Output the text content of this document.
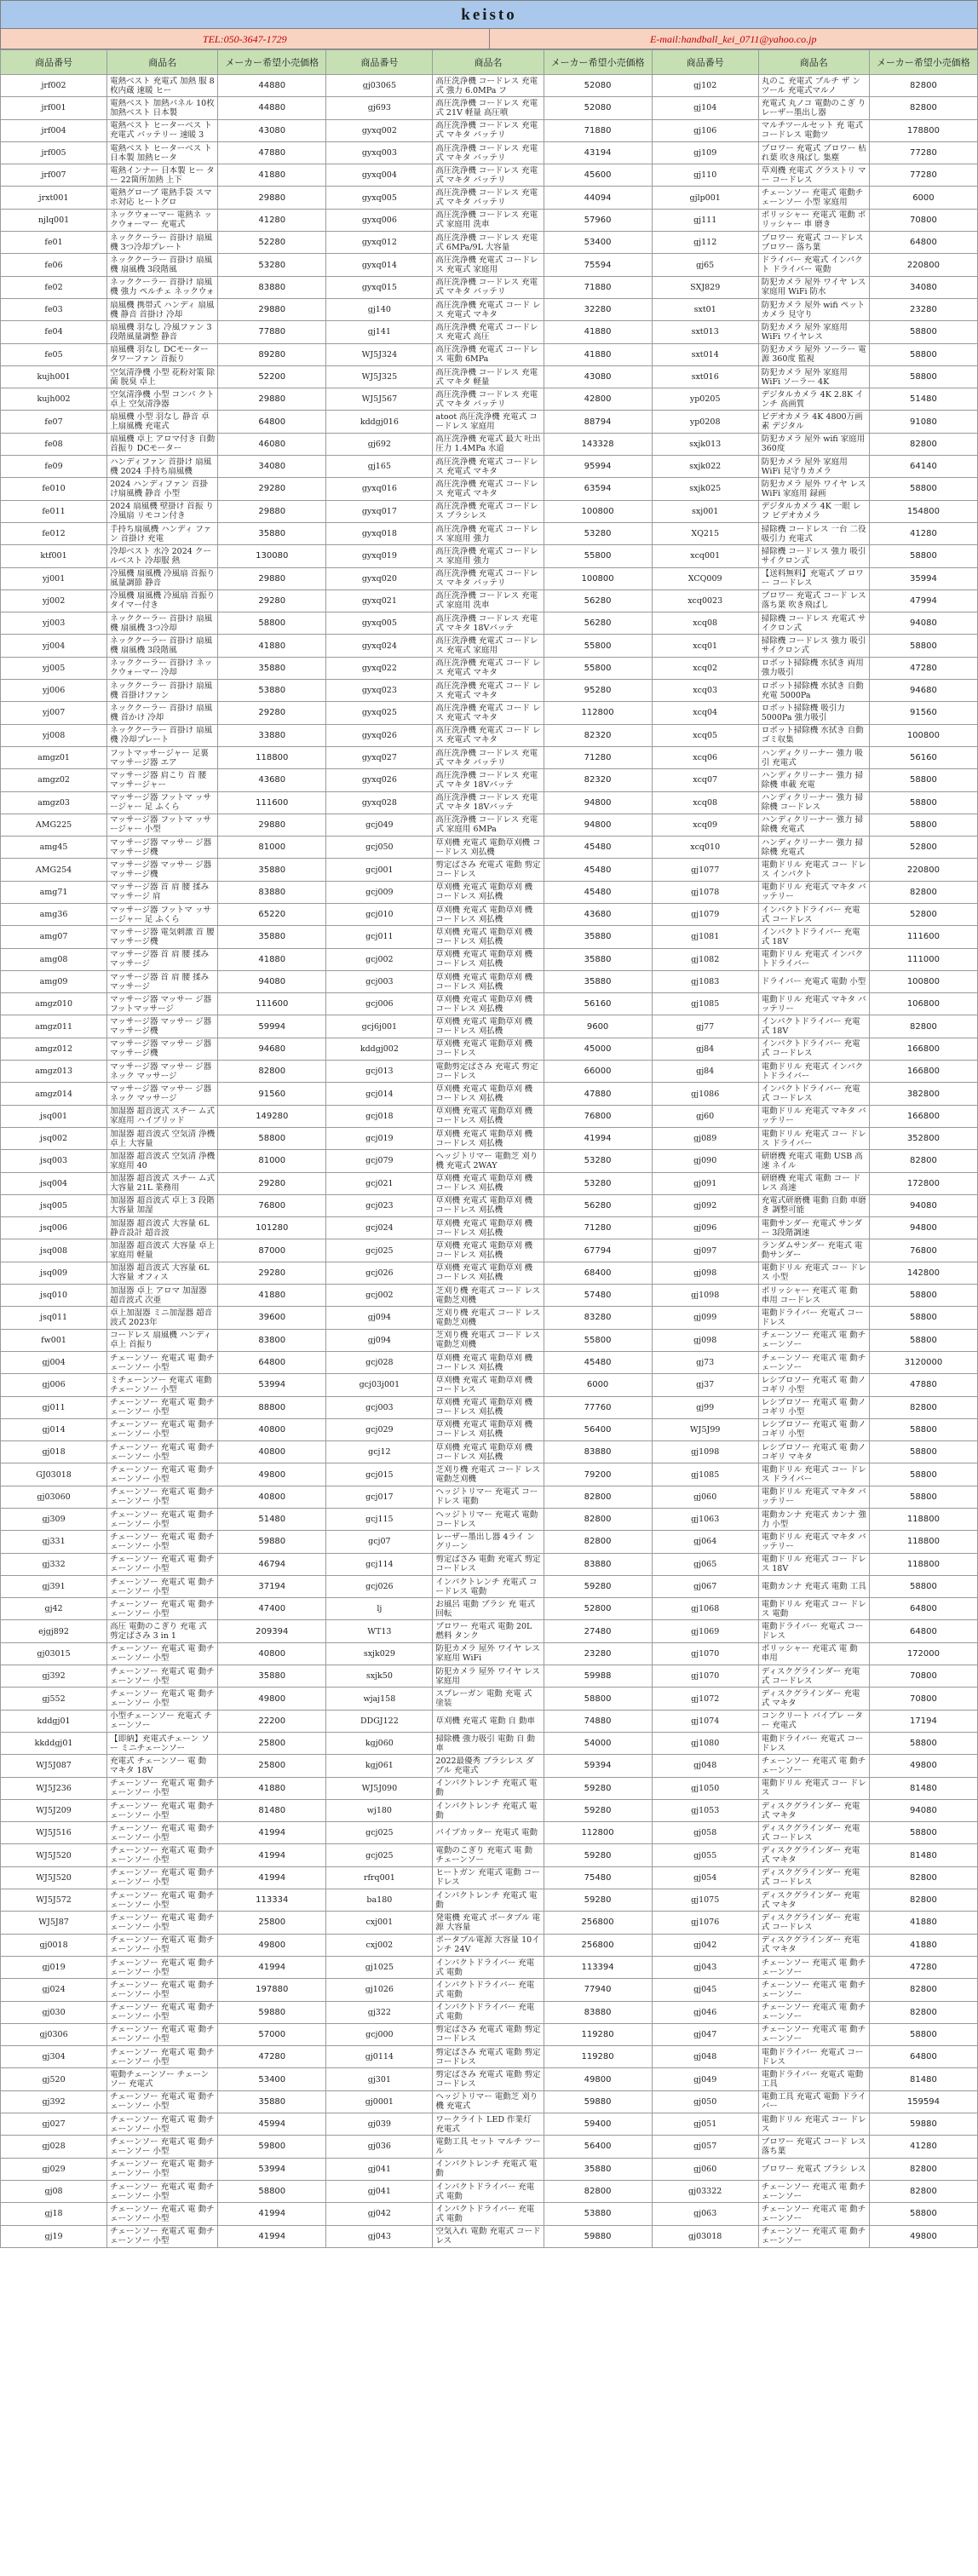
keisto
TEL:050-3647-1729	E-mail:handball_kei_0711@yahoo.co.jp
商品番号	商品名	メーカー希望小売価格	商品番号	商品名	メーカー希望小売価格	商品番号	商品名	メーカー希望小売価格
jrf002	電熱ベスト 充電式 加熱 服 8枚内蔵 速暖 ヒー	44880	gj03065	高圧洗浄機 コードレス 充電式 強力 6.0MPa フ	52080	gj102	丸のこ 充電式 ブルチ ザ ンツール 充電式マルノ	82800
jrf001	電熱ベスト 加熱パネル 10枚 加熱ベスト 日本製	44880	gj693	高圧洗浄機 コードレス 充電式 21V 軽量 高圧噴	52080	gj104	充電式 丸ノコ 電動のこぎ り レーザー墨出し器	82800
jrf004	電熱ベスト ヒーターベス ト 充電式 バッテリー 速暖 3	43080	gyxq002	高圧洗浄機 コードレス 充電式 マキタ バッテリ	71880	gj106	マルチツールセット 充 電式 コードレス 電動ツ	178800
jrf005	電熱ベスト ヒーターベス ト 日本製 加熱ヒータ	47880	gyxq003	高圧洗浄機 コードレス 充電式 マキタ バッテリ	43194	gj109	ブロワー 充電式 ブロワー 枯 れ葉 吹き飛ばし 集塵	77280
jrf007	電熱インナー 日本製 ヒー ター 22箇所加熱 上下	41880	gyxq004	高圧洗浄機 コードレス 充電式 マキタ バッテリ	45600	gj110	草刈機 充電式 グラストリ マー コードレス	77280
jrxt001	電熱グローブ 電熱手袋 スマホ対応 ヒートグロ	29880	gyxq005	高圧洗浄機 コードレス 充電式 マキタ バッテリ	44094	gjlp001	チェーンソー 充電式 電動チ ェーンソー 小型 家庭用	6000
njlq001	ネックウォーマー 電熱ネ ックウォーマー 充電式	41280	gyxq006	高圧洗浄機 コードレス 充電式 家庭用 洗車	57960	gj111	ポリッシャー 充電式 電動 ポリッシャー 車 磨き	70800
fe01	ネッククーラー 首掛け 扇風機 3つ冷却プレート	52280	gyxq012	高圧洗浄機 コードレス 充電式 6MPa/9L 大容量	53400	gj112	ブロワー 充電式 コードレス ブロワー 落ち葉	64800
fe06	ネッククーラー 首掛け 扇風機 扇風機 3段階風	53280	gyxq014	高圧洗浄機 充電式 コードレス 充電式 家庭用	75594	gj65	ドライバー 充電式 インパクト ドライバー 電動	220800
fe02	ネッククーラー 首掛け 扇風機 強力 ペルチェ ネックウォ	83880	gyxq015	高圧洗浄機 コードレス 充電式 マキタ バッテリ	71880	SXJ829	防犯カメラ 屋外 ワイヤ レス 家庭用 WiFi 防水	34080
fe03	扇風機 携帯式 ハンディ 扇風機 静音 首掛け 冷却	29880	gj140	高圧洗浄機 充電式 コード レス 充電式 マキタ	32280	sxt01	防犯カメラ 屋外 wifi ペットカメラ 見守り	23280
fe04	扇風機 羽なし 冷風ファン 3段階風量調整 静音	77880	gj141	高圧洗浄機 充電式 コードレス 充電式 高圧	41880	sxt013	防犯カメラ 屋外 家庭用 WiFi ワイヤレス	58800
fe05	扇風機 羽なし DCモーター タワーファン 首振り	89280	WJ5J324	高圧洗浄機 充電式 コードレス 電動 6MPa	41880	sxt014	防犯カメラ 屋外 ソーラー 電源 360度 監視	58800
kujh001	空気清浄機 小型 花粉対策 除菌 脱臭 卓上	52200	WJ5J325	高圧洗浄機 コードレス 充電式 マキタ 軽量	43080	sxt016	防犯カメラ 屋外 家庭用 WiFi ソーラー 4K	58800
kujh002	空気清浄機 小型 コンパ クト 卓上 空気清浄器	29880	WJ5J567	高圧洗浄機 コードレス 充電式 マキタ バッテリ	42800	yp0205	デジタルカメラ 4K 2.8K インチ 高画質	51480
fe07	扇風機 小型 羽なし 静音 卓上扇風機 充電式	64800	kddgj016	atoot 高圧洗浄機 充電式 コードレス 家庭用	88794	yp0208	ビデオカメラ 4K 4800万画素 デジタル	91080
fe08	扇風機 卓上 アロマ付き 自動首振り DCモーター	46080	gj692	高圧洗浄機 充電式 最大 吐出圧力 1.4MPa 水道	143328	sxjk013	防犯カメラ 屋外 wifi 家庭用 360度	82800
fe09	ハンディファン 首掛け 扇風機 2024 手持ち扇風機	34080	gj165	高圧洗浄機 充電式 コードレス 充電式 マキタ	95994	sxjk022	防犯カメラ 屋外 家庭用 WiFi 見守りカメラ	64140
fe010	2024 ハンディファン 首掛け扇風機 静音 小型	29280	gyxq016	高圧洗浄機 充電式 コードレス 充電式 マキタ	63594	sxjk025	防犯カメラ 屋外 ワイヤ レス WiFi 家庭用 録画	58800
fe011	2024 扇風機 壁掛け 首振 り 冷風扇 リモコン付き	29880	gyxq017	高圧洗浄機 充電式 コードレス ブラシレス	100800	sxj001	デジタルカメラ 4K 一眼 レフ ビデオカメラ	154800
fe012	手持ち扇風機 ハンディ ファン 首掛け 充電	35880	gyxq018	高圧洗浄機 充電式 コードレス 家庭用 強力	53280	XQ215	掃除機 コードレス 一台 二役 吸引力 充電式	41280
ktf001	冷却ベスト 水冷 2024 クールベスト 冷却服 熱	130080	gyxq019	高圧洗浄機 充電式 コードレス 家庭用 強力	55800	xcq001	掃除機 コードレス 強力 吸引 サイクロン式	58800
yj001	冷風機 扇風機 冷風扇 首振り 風量調節 静音	29880	gyxq020	高圧洗浄機 充電式 コードレス マキタ バッテリ	100800	XCQ009	【送料無料】充電式 ブ ロワー コードレス	35994
yj002	冷風機 扇風機 冷風扇 首振り タイマー付き	29280	gyxq021	高圧洗浄機 コードレス 充電式 家庭用 洗車	56280	xcq0023	ブロワー 充電式 コード レス 落ち葉 吹き飛ばし	47994
yj003	ネッククーラー 首掛け 扇風機 扇風機 3つ冷却	58800	gyxq005	高圧洗浄機 コードレス 充電式 マキタ 18Vバッテ	56280	xcq08	掃除機 コードレス 充電式 サイクロン式	94080
yj004	ネッククーラー 首掛け 扇風機 扇風機 3段階風	41880	gyxq024	高圧洗浄機 充電式 コードレス 充電式 家庭用	55800	xcq01	掃除機 コードレス 強力 吸引 サイクロン式	58800
yj005	ネッククーラー 首掛け ネックウォーマー 冷却	35880	gyxq022	高圧洗浄機 充電式 コード レス 充電式 マキタ	55800	xcq02	ロボット掃除機 水拭き 両用 強力吸引	47280
yj006	ネッククーラー 首掛け 扇風機 首掛けファン	53880	gyxq023	高圧洗浄機 充電式 コード レス 充電式 マキタ	95280	xcq03	ロボット掃除機 水拭き 自動充電 5000Pa	94680
yj007	ネッククーラー 首掛け 扇風機 首かけ 冷却	29280	gyxq025	高圧洗浄機 充電式 コード レス 充電式 マキタ	112800	xcq04	ロボット掃除機 吸引力 5000Pa 強力吸引	91560
yj008	ネッククーラー 首掛け 扇風機 冷却プレート	33880	gyxq026	高圧洗浄機 充電式 コード レス 充電式 マキタ	82320	xcq05	ロボット掃除機 水拭き 自動ゴミ収集	100800
amgz01	フットマッサージャー 足裏 マッサージ器 エア	118800	gyxq027	高圧洗浄機 コードレス 充電式 マキタ バッテリ	71280	xcq06	ハンディクリーナー 強力 吸引 充電式	56160
amgz02	マッサージ器 肩こり 首 腰 マッサージャー	43680	gyxq026	高圧洗浄機 コードレス 充電式 マキタ 18Vバッテ	82320	xcq07	ハンディクリーナー 強力 掃除機 車載 充電	58800
amgz03	マッサージ器 フットマ ッサージャー 足 ふくら	111600	gyxq028	高圧洗浄機 コードレス 充電式 マキタ 18Vバッテ	94800	xcq08	ハンディクリーナー 強力 掃除機 コードレス	58800
AMG225	マッサージ器 フットマ ッサージャー 小型	29880	gcj049	高圧洗浄機 コードレス 充電式 家庭用 6MPa	94800	xcq09	ハンディクリーナー 強力 掃除機 充電式	58800
amg45	マッサージ器 マッサー ジ器 マッサージ機	81000	gcj050	草刈機 充電式 電動草刈機 コードレス 刈払機	45480	xcq010	ハンディクリーナー 強力 掃除機 充電式	52800
AMG254	マッサージ器 マッサー ジ器 マッサージ機	35880	gcj001	剪定ばさみ 充電式 電動 剪定 コードレス	45480	gj1077	電動ドリル 充電式 コー ドレス インパクト	220800
amg71	マッサージ器 首 肩 腰 揉み マッサージ 肩	83880	gcj009	草刈機 充電式 電動草刈 機 コードレス 刈払機	45480	gj1078	電動ドリル 充電式 マキタ バッテリー	82800
amg36	マッサージ器 フットマ ッサージャー 足 ふくら	65220	gcj010	草刈機 充電式 電動草刈 機 コードレス 刈払機	43680	gj1079	インパクトドライバー 充電式 コードレス	52800
amg07	マッサージ器 電気刺激 首 腰 マッサージ機	35880	gcj011	草刈機 充電式 電動草刈 機 コードレス 刈払機	35880	gj1081	インパクトドライバー 充電式 18V	111600
amg08	マッサージ器 首 肩 腰 揉み マッサージ	41880	gcj002	草刈機 充電式 電動草刈 機 コードレス 刈払機	35880	gj1082	電動ドリル 充電式 インパクトドライバー	111000
amg09	マッサージ器 首 肩 腰 揉み マッサージ	94080	gcj003	草刈機 充電式 電動草刈 機 コードレス 刈払機	35880	gj1083	ドライバー 充電式 電動 小型	100800
amgz010	マッサージ器 マッサー ジ器 フットマッサージ	111600	gcj006	草刈機 充電式 電動草刈 機 コードレス 刈払機	56160	gj1085	電動ドリル 充電式 マキタ バッテリー	106800
amgz011	マッサージ器 マッサー ジ器 マッサージ機	59994	gcj6j001	草刈機 充電式 電動草刈 機 コードレス 刈払機	9600	gj77	インパクトドライバー 充電式 18V	82800
amgz012	マッサージ器 マッサー ジ器 マッサージ機	94680	kddgj002	草刈機 充電式 電動草刈 機 コードレス	45000	gj84	インパクトドライバー 充電式 コードレス	166800
amgz013	マッサージ器 マッサー ジ器 ネック マッサージ	82800	gcj013	電動剪定ばさみ 充電式 剪定 コードレス	66000	gj84	電動ドリル 充電式 インパクトドライバー	166800
amgz014	マッサージ器 マッサー ジ器 ネック マッサージ	91560	gcj014	草刈機 充電式 電動草刈 機 コードレス 刈払機	47880	gj1086	インパクトドライバー 充電式 コードレス	382800
jsq001	加湿器 超音波式 スチー ム式 家庭用 ハイブリッド	149280	gcj018	草刈機 充電式 電動草刈 機 コードレス 刈払機	76800	gj60	電動ドリル 充電式 マキタ バッテリー	166800
jsq002	加湿器 超音波式 空気清 浄機 卓上 大容量	58800	gcj019	草刈機 充電式 電動草刈 機 コードレス 刈払機	41994	gj089	電動ドリル 充電式 コー ドレス ドライバー	352800
jsq003	加湿器 超音波式 空気清 浄機 家庭用 40	81000	gcj079	ヘッジトリマー 電動芝 刈り機 充電式 2WAY	53280	gj090	研磨機 充電式 電動 USB 高速 ネイル	82800
jsq004	加湿器 超音波式 スチー ム式 大容量 21L 業務用	29280	gcj021	草刈機 充電式 電動草刈 機 コードレス 刈払機	53280	gj091	研磨機 充電式 電動 コー ドレス 高速	172800
jsq005	加湿器 超音波式 卓上 3 段階 大容量 加湿	76800	gcj023	草刈機 充電式 電動草刈 機 コードレス 刈払機	56280	gj092	充電式研磨機 電動 自動 車磨き 調整可能	94080
jsq006	加湿器 超音波式 大容量 6L 静音設計 超音波	101280	gcj024	草刈機 充電式 電動草刈 機 コードレス 刈払機	71280	gj096	電動サンダー 充電式 サンダー 3段階調速	94800
jsq008	加湿器 超音波式 大容量 卓上 家庭用 軽量	87000	gcj025	草刈機 充電式 電動草刈 機 コードレス 刈払機	67794	gj097	ランダムサンダー 充電式 電動サンダー	76800
jsq009	加湿器 超音波式 大容量 6L 大容量 オフィス	29280	gcj026	草刈機 充電式 電動草刈 機 コードレス 刈払機	68400	gj098	電動ドリル 充電式 コー ドレス 小型	142800
jsq010	加湿器 卓上 アロマ 加湿器 超音波式 次亜	41880	gcj002	芝刈り機 充電式 コード レス 電動芝刈機	57480	gj1098	ポリッシャー 充電式 電 動 車用 コードレス	58800
jsq011	卓上加湿器 ミニ加湿器 超音波式 2023年	39600	gj094	芝刈り機 充電式 コード レス 電動芝刈機	83280	gj099	電動ドライバー 充電式 コードレス	58800
fw001	コードレス 扇風機 ハンディ 卓上 首振り	83800	gj094	芝刈り機 充電式 コード レス 電動芝刈機	55800	gj098	チェーンソー 充電式 電 動チェーンソー	58800
gj004	チェーンソー 充電式 電 動チェーンソー 小型	64800	gcj028	草刈機 充電式 電動草刈 機 コードレス 刈払機	45480	gj73	チェーンソー 充電式 電 動チェーンソー	3120000
gj006	ミチェーンソー 充電式 電動チェーンソー 小型	53994	gcj03j001	草刈機 充電式 電動草刈 機 コードレス	6000	gj37	レシプロソー 充電式 電 動ノコギリ 小型	47880
gj011	チェーンソー 充電式 電 動チェーンソー 小型	88800	gcj003	草刈機 充電式 電動草刈 機 コードレス 刈払機	77760	gj99	レシプロソー 充電式 電 動ノコギリ 小型	82800
gj014	チェーンソー 充電式 電 動チェーンソー 小型	40800	gcj029	草刈機 充電式 電動草刈 機 コードレス 刈払機	56400	WJ5J99	レシプロソー 充電式 電 動ノコギリ 小型	58800
gj018	チェーンソー 充電式 電 動チェーンソー 小型	40800	gcj12	草刈機 充電式 電動草刈 機 コードレス 刈払機	83880	gj1098	レシプロソー 充電式 電 動ノコギリ マキタ	58800
GJ03018	チェーンソー 充電式 電 動チェーンソー 小型	49800	gcj015	芝刈り機 充電式 コード レス 電動芝刈機	79200	gj1085	電動ドリル 充電式 コー ドレス ドライバー	58800
gj03060	チェーンソー 充電式 電 動チェーンソー 小型	40800	gcj017	ヘッジトリマー 充電式 コードレス 電動	82800	gj060	電動ドリル 充電式 マキタ バッテリー	58800
gj309	チェーンソー 充電式 電 動チェーンソー 小型	51480	gcj115	ヘッジトリマー 充電式 電動 コードレス	82800	gj1063	電動カンナ 充電式 カンナ 強力 小型	118800
gj331	チェーンソー 充電式 電 動チェーンソー 小型	59880	gcj07	レーザー墨出し器 4ライ ン グリーン	82800	gj064	電動ドリル 充電式 マキタ バッテリー	118800
gj332	チェーンソー 充電式 電 動チェーンソー 小型	46794	gcj114	剪定ばさみ 電動 充電式 剪定 コードレス	83880	gj065	電動ドリル 充電式 コー ドレス 18V	118800
gj391	チェーンソー 充電式 電 動チェーンソー 小型	37194	gcj026	インパクトレンチ 充電式 コードレス 電動	59280	gj067	電動カンナ 充電式 電動 工具	58800
gj42	チェーンソー 充電式 電 動チェーンソー 小型	47400	lj	お風呂 電動 ブラシ 充 電式 回転	52800	gj1068	電動ドリル 充電式 コー ドレス 電動	64800
ejgj892	高圧 電動のこぎり 充電 式 剪定ばさみ 3 in 1	209394	WT13	ブロワー 充電式 電動 20L 燃料 タンク	27480	gj1069	電動ドライバー 充電式 コードレス	64800
gj03015	チェーンソー 充電式 電 動チェーンソー 小型	40800	sxjk029	防犯カメラ 屋外 ワイヤ レス 家庭用 WiFi	23280	gj1070	ポリッシャー 充電式 電 動 車用	172000
gj392	チェーンソー 充電式 電 動チェーンソー 小型	35880	sxjk50	防犯カメラ 屋外 ワイヤ レス 家庭用	59988	gj1070	ディスクグラインダー 充電式 コードレス	70800
gj552	チェーンソー 充電式 電 動チェーンソー 小型	49800	wjaj158	スプレーガン 電動 充電 式 塗装	58800	gj1072	ディスクグラインダー 充電式 マキタ	70800
kddgj01	小型チェーンソー 充電式 チェーンソー	22200	DDGJ122	草刈機 充電式 電動 自 動車	74880	gj1074	コンクリート バイブレ ーター 充電式	17194
kkddgj01	【即納】充電式チェーン ソー ミニチェーンソー	25800	kgj060	掃除機 強力吸引 電動 自 動車	54000	gj1080	電動ドライバー 充電式 コードレス	58800
WJ5J087	充電式 チェーンソー 電 動 マキタ 18V	25800	kgj061	2022最優秀 ブラシレス ダブル 充電式	59394	gj048	チェーンソー 充電式 電 動チェーンソー	49800
WJ5J236	チェーンソー 充電式 電 動チェーンソー 小型	41880	WJ5J090	インパクトレンチ 充電式 電動	59280	gj1050	電動ドリル 充電式 コー ドレス	81480
WJ5J209	チェーンソー 充電式 電 動チェーンソー 小型	81480	wj180	インパクトレンチ 充電式 電動	59280	gj1053	ディスクグラインダー 充電式 マキタ	94080
WJ5J516	チェーンソー 充電式 電 動チェーンソー 小型	41994	gcj025	パイプカッター 充電式 電動	112800	gj058	ディスクグラインダー 充電式 コードレス	58800
WJ5J520	チェーンソー 充電式 電 動チェーンソー 小型	41994	gcj025	電動のこぎり 充電式 電 動 チェーンソー	59280	gj055	ディスクグラインダー 充電式 マキタ	81480
WJ5J520	チェーンソー 充電式 電 動チェーンソー 小型	41994	rfrq001	ヒートガン 充電式 電動 コードレス	75480	gj054	ディスクグラインダー 充電式 コードレス	82800
WJ5J572	チェーンソー 充電式 電 動チェーンソー 小型	113334	ba180	インパクトレンチ 充電式 電動	59280	gj1075	ディスクグラインダー 充電式 マキタ	82800
WJ5J87	チェーンソー 充電式 電 動チェーンソー 小型	25800	cxj001	発電機 充電式 ポータブル 電源 大容量	256800	gj1076	ディスクグラインダー 充電式 コードレス	41880
gj0018	チェーンソー 充電式 電 動チェーンソー 小型	49800	cxj002	ポータブル電源 大容量 10インチ 24V	256800	gj042	ディスクグラインダー 充電式 マキタ	41880
gj019	チェーンソー 充電式 電 動チェーンソー 小型	41994	gj1025	インパクトドライバー 充電式 電動	113394	gj043	チェーンソー 充電式 電 動チェーンソー	47280
gj024	チェーンソー 充電式 電 動チェーンソー 小型	197880	gj1026	インパクトドライバー 充電式 電動	77940	gj045	チェーンソー 充電式 電 動チェーンソー	82800
gj030	チェーンソー 充電式 電 動チェーンソー 小型	59880	gj322	インパクトドライバー 充電式 電動	83880	gj046	チェーンソー 充電式 電 動チェーンソー	82800
gj0306	チェーンソー 充電式 電 動チェーンソー 小型	57000	gcj000	剪定ばさみ 充電式 電動 剪定 コードレス	119280	gj047	チェーンソー 充電式 電 動チェーンソー	58800
gj304	チェーンソー 充電式 電 動チェーンソー 小型	47280	gj0114	剪定ばさみ 充電式 電動 剪定 コードレス	119280	gj048	電動ドライバー 充電式 コードレス	64800
gj520	電動チェーンソー チェーン ソー 充電式	53400	gj301	剪定ばさみ 充電式 電動 剪定 コードレス	49800	gj049	電動ドライバー 充電式 電動 工具	81480
gj392	チェーンソー 充電式 電 動チェーンソー 小型	35880	gj0001	ヘッジトリマー 電動芝 刈り機 充電式	59880	gj050	電動工具 充電式 電動 ドライバー	159594
gj027	チェーンソー 充電式 電 動チェーンソー 小型	45994	gj039	ワークライト LED 作業灯 充電式	59400	gj051	電動ドリル 充電式 コー ドレス	59880
gj028	チェーンソー 充電式 電 動チェーンソー 小型	59800	gj036	電動工具 セット マルチ ツール	56400	gj057	ブロワー 充電式 コード レス 落ち葉	41280
gj029	チェーンソー 充電式 電 動チェーンソー 小型	53994	gj041	インパクトレンチ 充電式 電動	35880	gj060	ブロワー 充電式 ブラシ レス	82800
gj08	チェーンソー 充電式 電 動チェーンソー 小型	58800	gj041	インパクトドライバー 充電式 電動	82800	gj03322	チェーンソー 充電式 電 動チェーンソー	82800
gj18	チェーンソー 充電式 電 動チェーンソー 小型	41994	gj042	インパクトドライバー 充電式 電動	53880	gj063	チェーンソー 充電式 電 動チェーンソー	58800
gj19	チェーンソー 充電式 電 動チェーンソー 小型	41994	gj043	空気入れ 電動 充電式 コードレス	59880	gj03018	チェーンソー 充電式 電 動チェーンソー	49800
